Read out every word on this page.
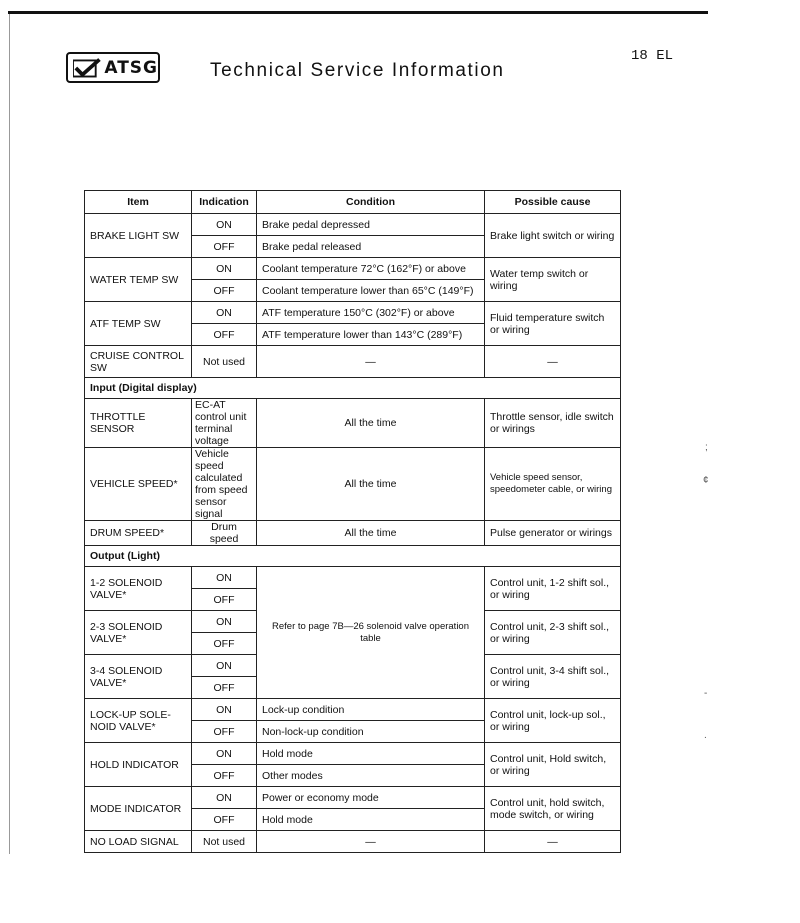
ATSG	Technical Service Information
18 EL
Item	Indication	Condition	Possible cause
BRAKE LIGHT SW	ON	Brake pedal depressed	Brake light switch or wiring
	OFF	Brake pedal released	
WATER TEMP SW	ON	Coolant temperature 72°C (162°F) or above	Water temp switch or wiring
	OFF	Coolant temperature lower than 65°C (149°F)	
ATF TEMP SW	ON	ATF temperature 150°C (302°F) or above	Fluid temperature switch or wiring
	OFF	ATF temperature lower than 143°C (289°F)	
CRUISE CONTROL SW	Not used	—	—
Input (Digital display)			
THROTTLE SENSOR	EC-AT control unit terminal voltage	All the time	Throttle sensor, idle switch or wirings
VEHICLE SPEED*	Vehicle speed calculated from speed sensor signal	All the time	Vehicle speed sensor, speedometer cable, or wiring
DRUM SPEED*	Drum speed	All the time	Pulse generator or wirings
Output (Light)			
1-2 SOLENOID VALVE*	ON	Refer to page 7B—26 solenoid valve operation table	Control unit, 1-2 shift sol., or wiring
	OFF		
2-3 SOLENOID VALVE*	ON		Control unit, 2-3 shift sol., or wiring
	OFF		
3-4 SOLENOID VALVE*	ON		Control unit, 3-4 shift sol., or wiring
	OFF		
LOCK-UP SOLE-NOID VALVE*	ON	Lock-up condition	Control unit, lock-up sol., or wiring
	OFF	Non-lock-up condition	
HOLD INDICATOR	ON	Hold mode	Control unit, Hold switch, or wiring
	OFF	Other modes	
MODE INDICATOR	ON	Power or economy mode	Control unit, hold switch, mode switch, or wiring
	OFF	Hold mode	
NO LOAD SIGNAL	Not used	—	—
;
¢
-
.
